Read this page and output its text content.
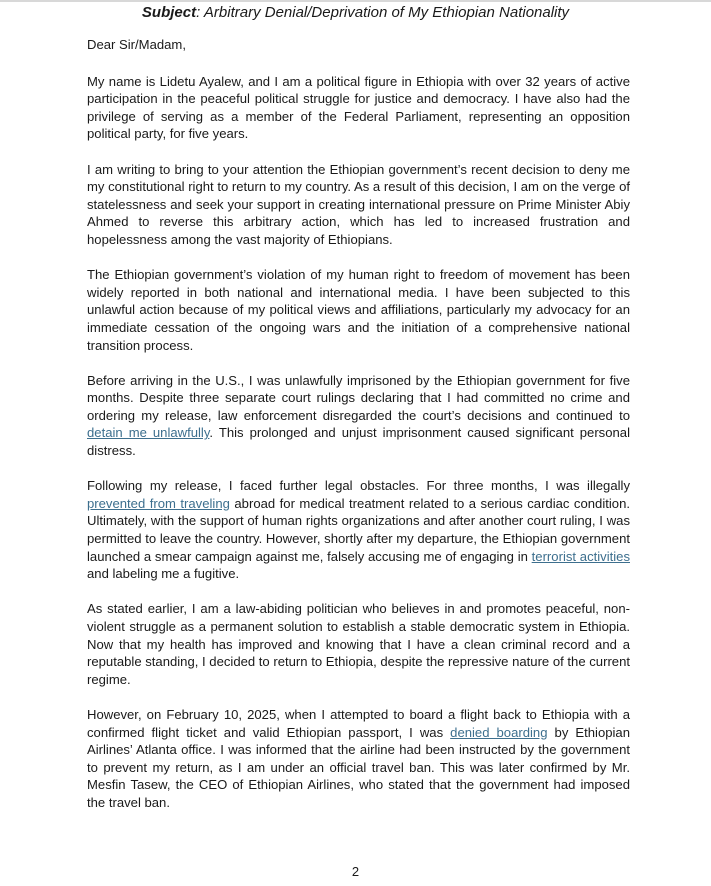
Subject: Arbitrary Denial/Deprivation of My Ethiopian Nationality

Dear Sir/Madam,

My name is Lidetu Ayalew, and I am a political figure in Ethiopia with over 32 years of active participation in the peaceful political struggle for justice and democracy. I have also had the privilege of serving as a member of the Federal Parliament, representing an opposition political party, for five years.

I am writing to bring to your attention the Ethiopian government’s recent decision to deny me my constitutional right to return to my country. As a result of this decision, I am on the verge of statelessness and seek your support in creating international pressure on Prime Minister Abiy Ahmed to reverse this arbitrary action, which has led to increased frustration and hopelessness among the vast majority of Ethiopians.

The Ethiopian government’s violation of my human right to freedom of movement has been widely reported in both national and international media. I have been subjected to this unlawful action because of my political views and affiliations, particularly my advocacy for an immediate cessation of the ongoing wars and the initiation of a comprehensive national transition process.

Before arriving in the U.S., I was unlawfully imprisoned by the Ethiopian government for five months. Despite three separate court rulings declaring that I had committed no crime and ordering my release, law enforcement disregarded the court’s decisions and continued to detain me unlawfully. This prolonged and unjust imprisonment caused significant personal distress.

Following my release, I faced further legal obstacles. For three months, I was illegally prevented from traveling abroad for medical treatment related to a serious cardiac condition. Ultimately, with the support of human rights organizations and after another court ruling, I was permitted to leave the country. However, shortly after my departure, the Ethiopian government launched a smear campaign against me, falsely accusing me of engaging in terrorist activities and labeling me a fugitive.

As stated earlier, I am a law-abiding politician who believes in and promotes peaceful, non-violent struggle as a permanent solution to establish a stable democratic system in Ethiopia. Now that my health has improved and knowing that I have a clean criminal record and a reputable standing, I decided to return to Ethiopia, despite the repressive nature of the current regime.

However, on February 10, 2025, when I attempted to board a flight back to Ethiopia with a confirmed flight ticket and valid Ethiopian passport, I was denied boarding by Ethiopian Airlines’ Atlanta office. I was informed that the airline had been instructed by the government to prevent my return, as I am under an official travel ban. This was later confirmed by Mr. Mesfin Tasew, the CEO of Ethiopian Airlines, who stated that the government had imposed the travel ban.

2
